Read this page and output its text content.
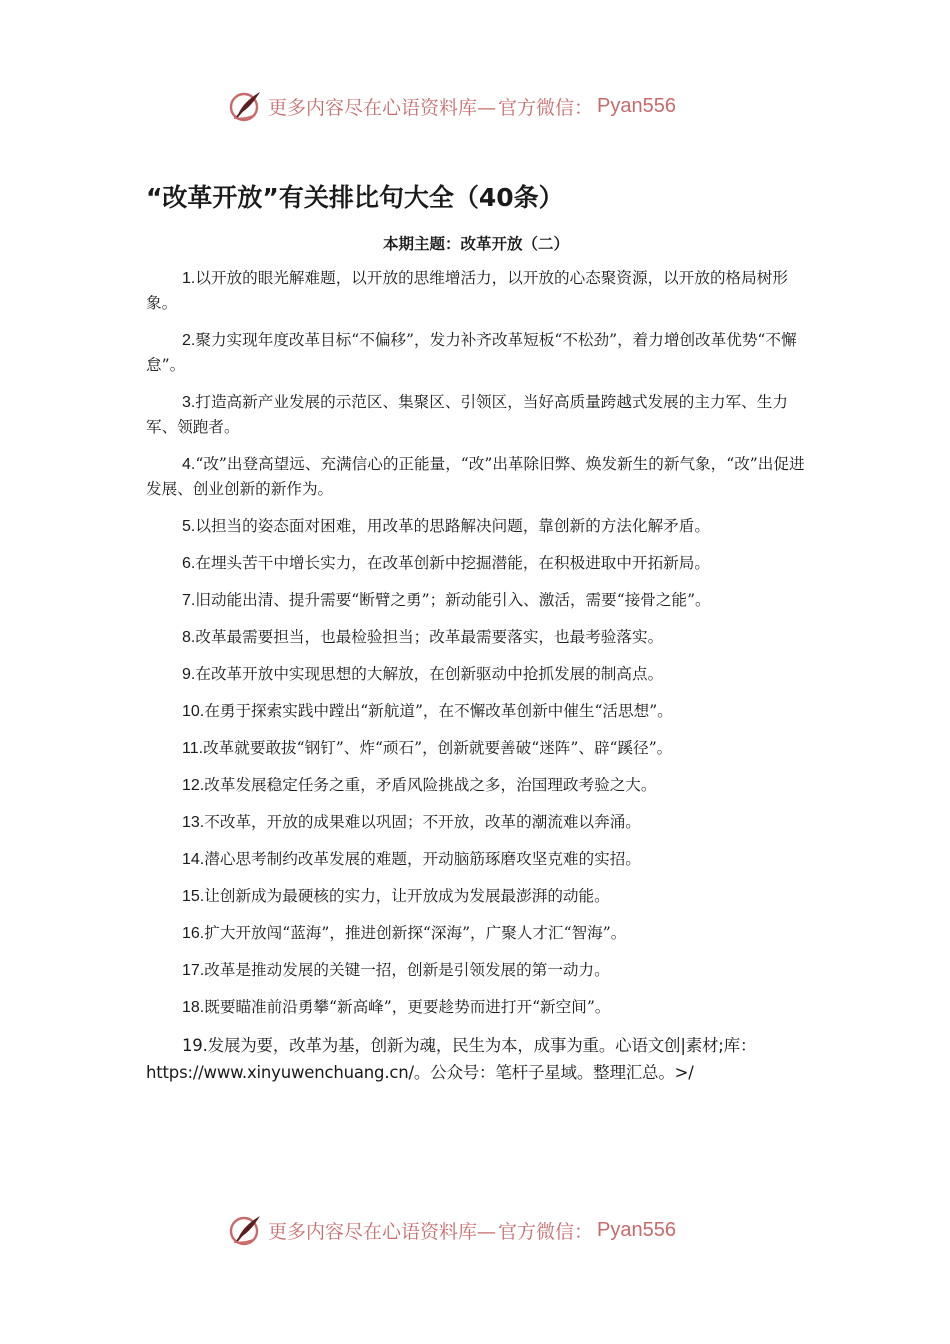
更多内容尽在心语资料库— 官方微信： Pyan556
“改革开放”有关排比句大全（40条）

本期主题：改革开放（二）

1.以开放的眼光解难题，以开放的思维增活力，以开放的心态聚资源，以开放的格局树形象。
2.聚力实现年度改革目标“不偏移”，发力补齐改革短板“不松劲”，着力增创改革优势“不懈怠”。
3.打造高新产业发展的示范区、集聚区、引领区，当好高质量跨越式发展的主力军、生力军、领跑者。
4.“改”出登高望远、充满信心的正能量，“改”出革除旧弊、焕发新生的新气象，“改”出促进发展、创业创新的新作为。
5.以担当的姿态面对困难，用改革的思路解决问题，靠创新的方法化解矛盾。
6.在埋头苦干中增长实力，在改革创新中挖掘潜能，在积极进取中开拓新局。
7.旧动能出清、提升需要“断臂之勇”；新动能引入、激活，需要“接骨之能”。
8.改革最需要担当，也最检验担当；改革最需要落实，也最考验落实。
9.在改革开放中实现思想的大解放，在创新驱动中抢抓发展的制高点。
10.在勇于探索实践中蹚出“新航道”，在不懈改革创新中催生“活思想”。
11.改革就要敢拔“钢钉”、炸“顽石”，创新就要善破“迷阵”、辟“蹊径”。
12.改革发展稳定任务之重，矛盾风险挑战之多，治国理政考验之大。
13.不改革，开放的成果难以巩固；不开放，改革的潮流难以奔涌。
14.潜心思考制约改革发展的难题，开动脑筋琢磨攻坚克难的实招。
15.让创新成为最硬核的实力，让开放成为发展最澎湃的动能。
16.扩大开放闯“蓝海”，推进创新探“深海”，广聚人才汇“智海”。
17.改革是推动发展的关键一招，创新是引领发展的第一动力。
18.既要瞄准前沿勇攀“新高峰”，更要趁势而进打开“新空间”。
19.发展为要，改革为基，创新为魂，民生为本，成事为重。心语文创|素材;库：https://www.xinyuwenchuang.cn/。公众号：笔杆子星域。整理汇总。>/
更多内容尽在心语资料库— 官方微信： Pyan556
